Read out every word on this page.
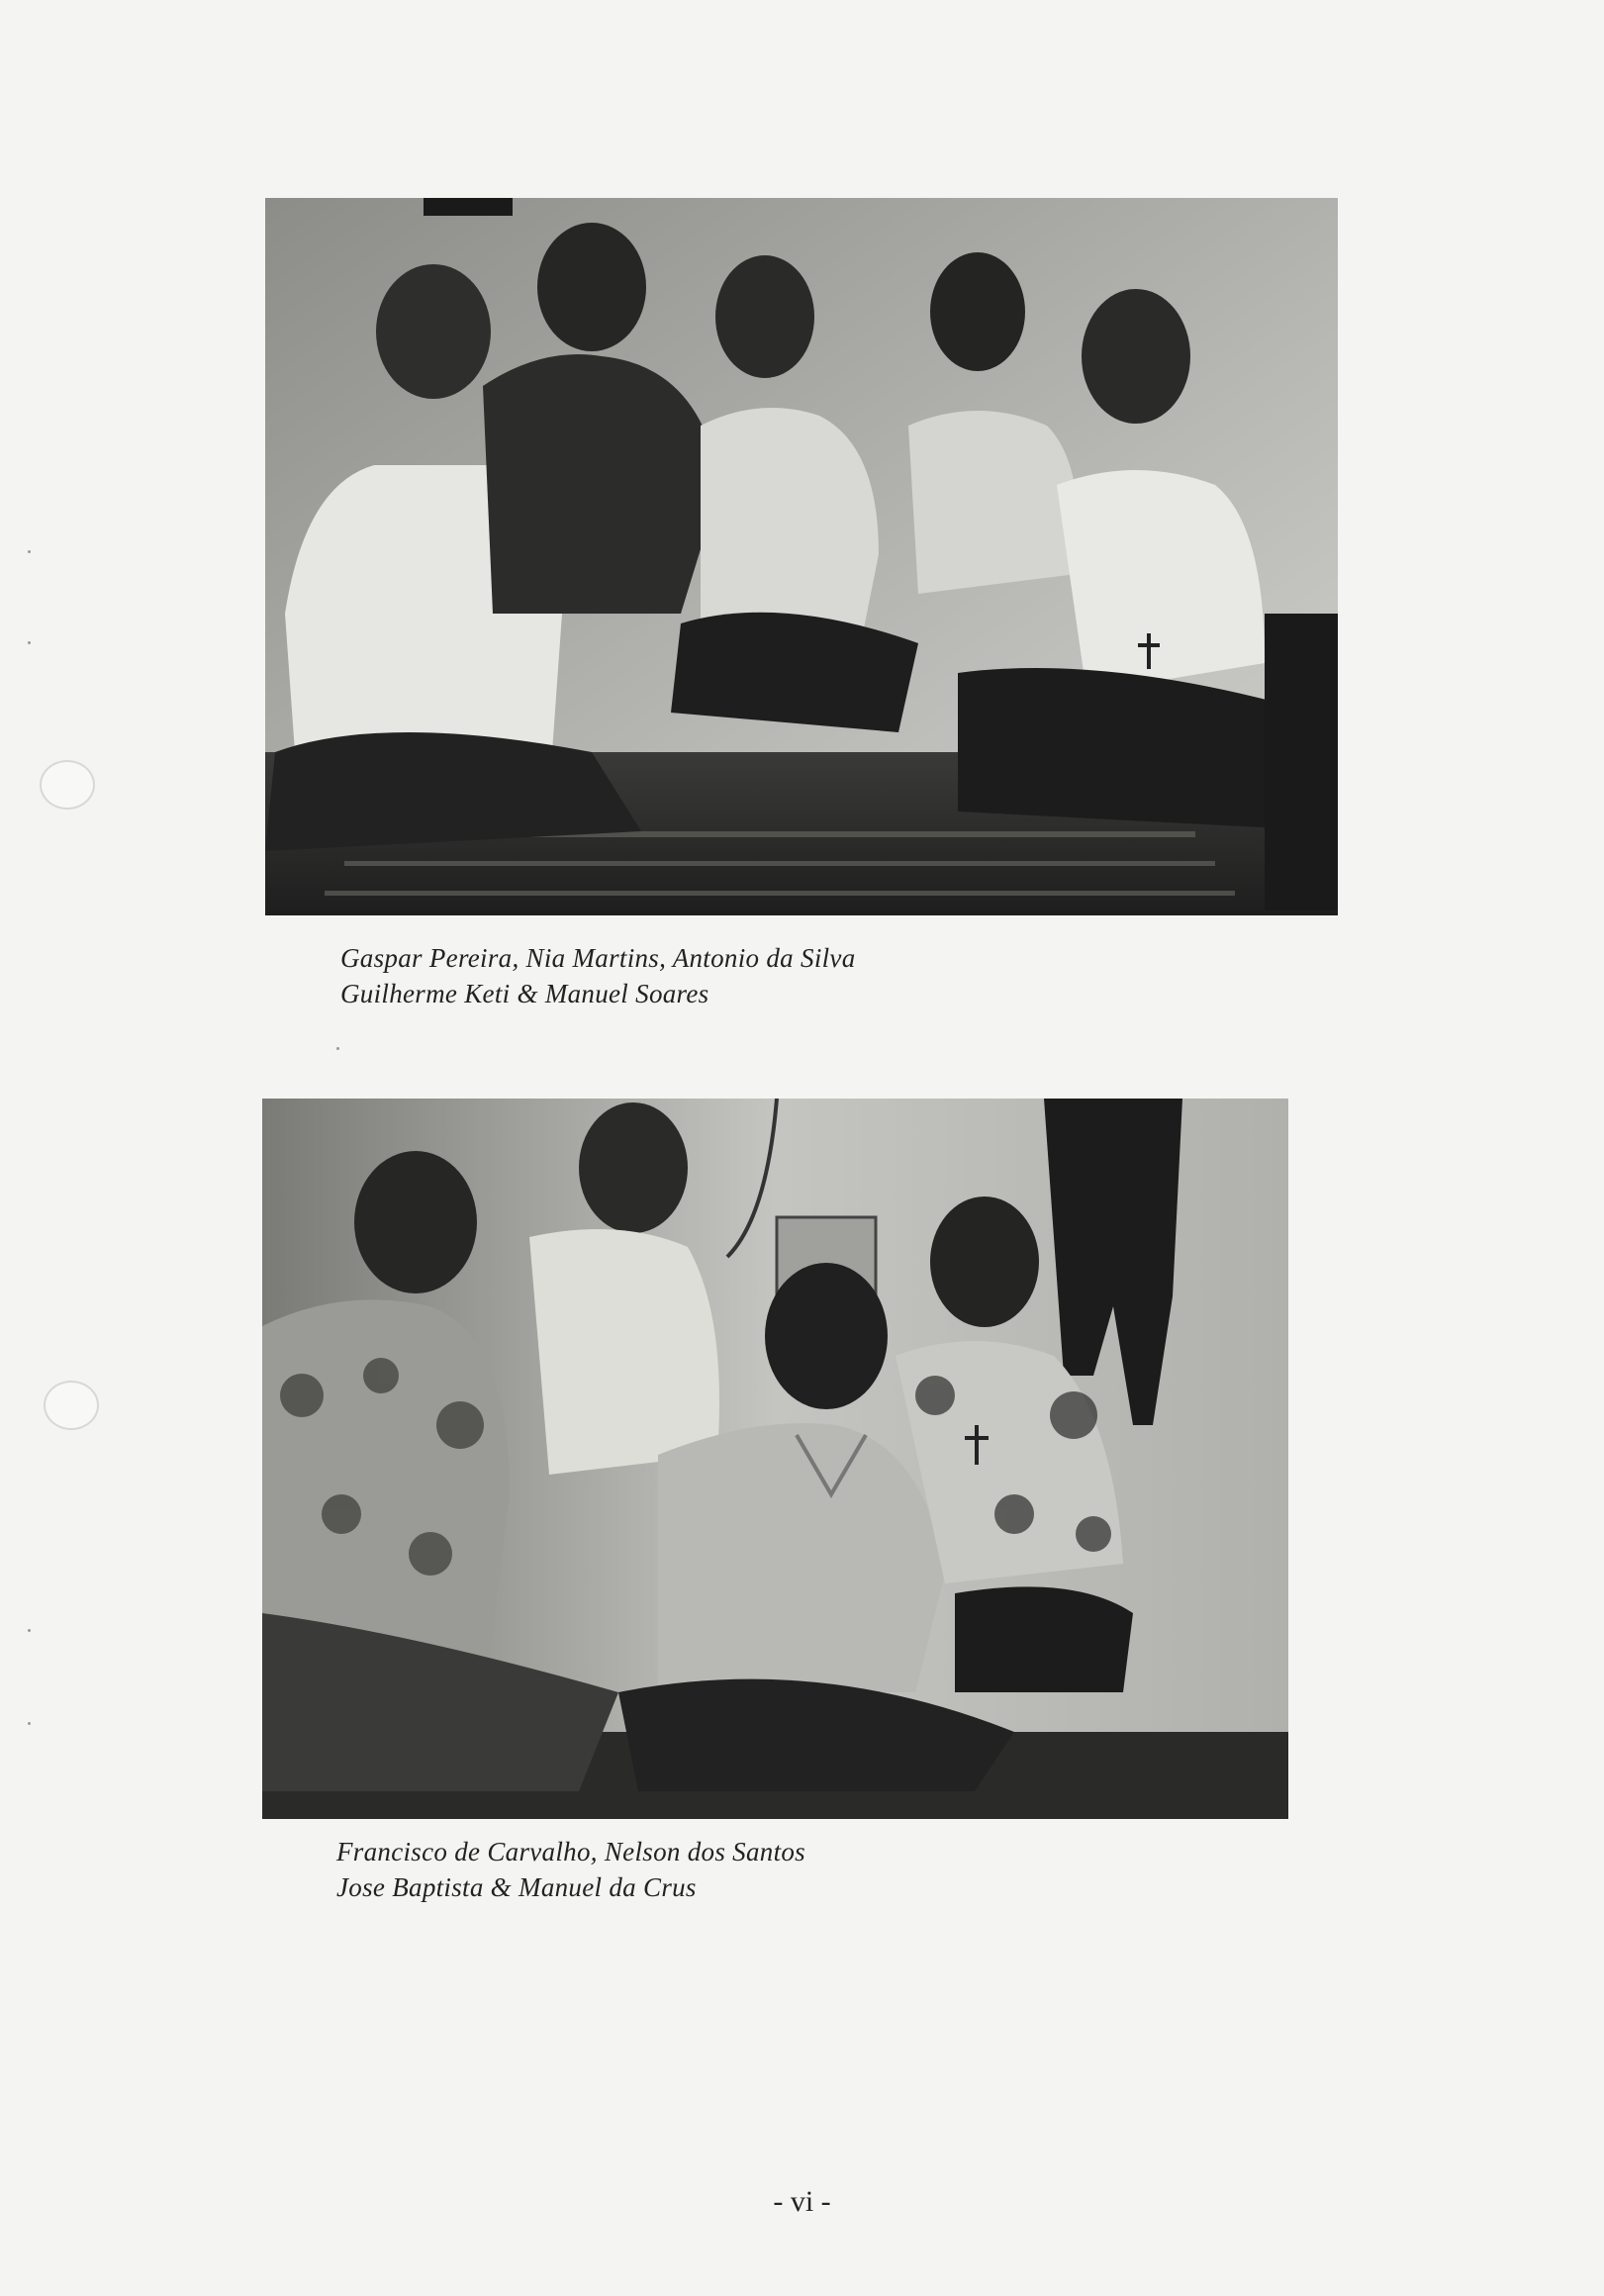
Gaspar Pereira, Nia Martins, Antonio da Silva
Guilherme Keti & Manuel Soares
Francisco de Carvalho, Nelson dos Santos
Jose Baptista & Manuel da Crus
- vi -
